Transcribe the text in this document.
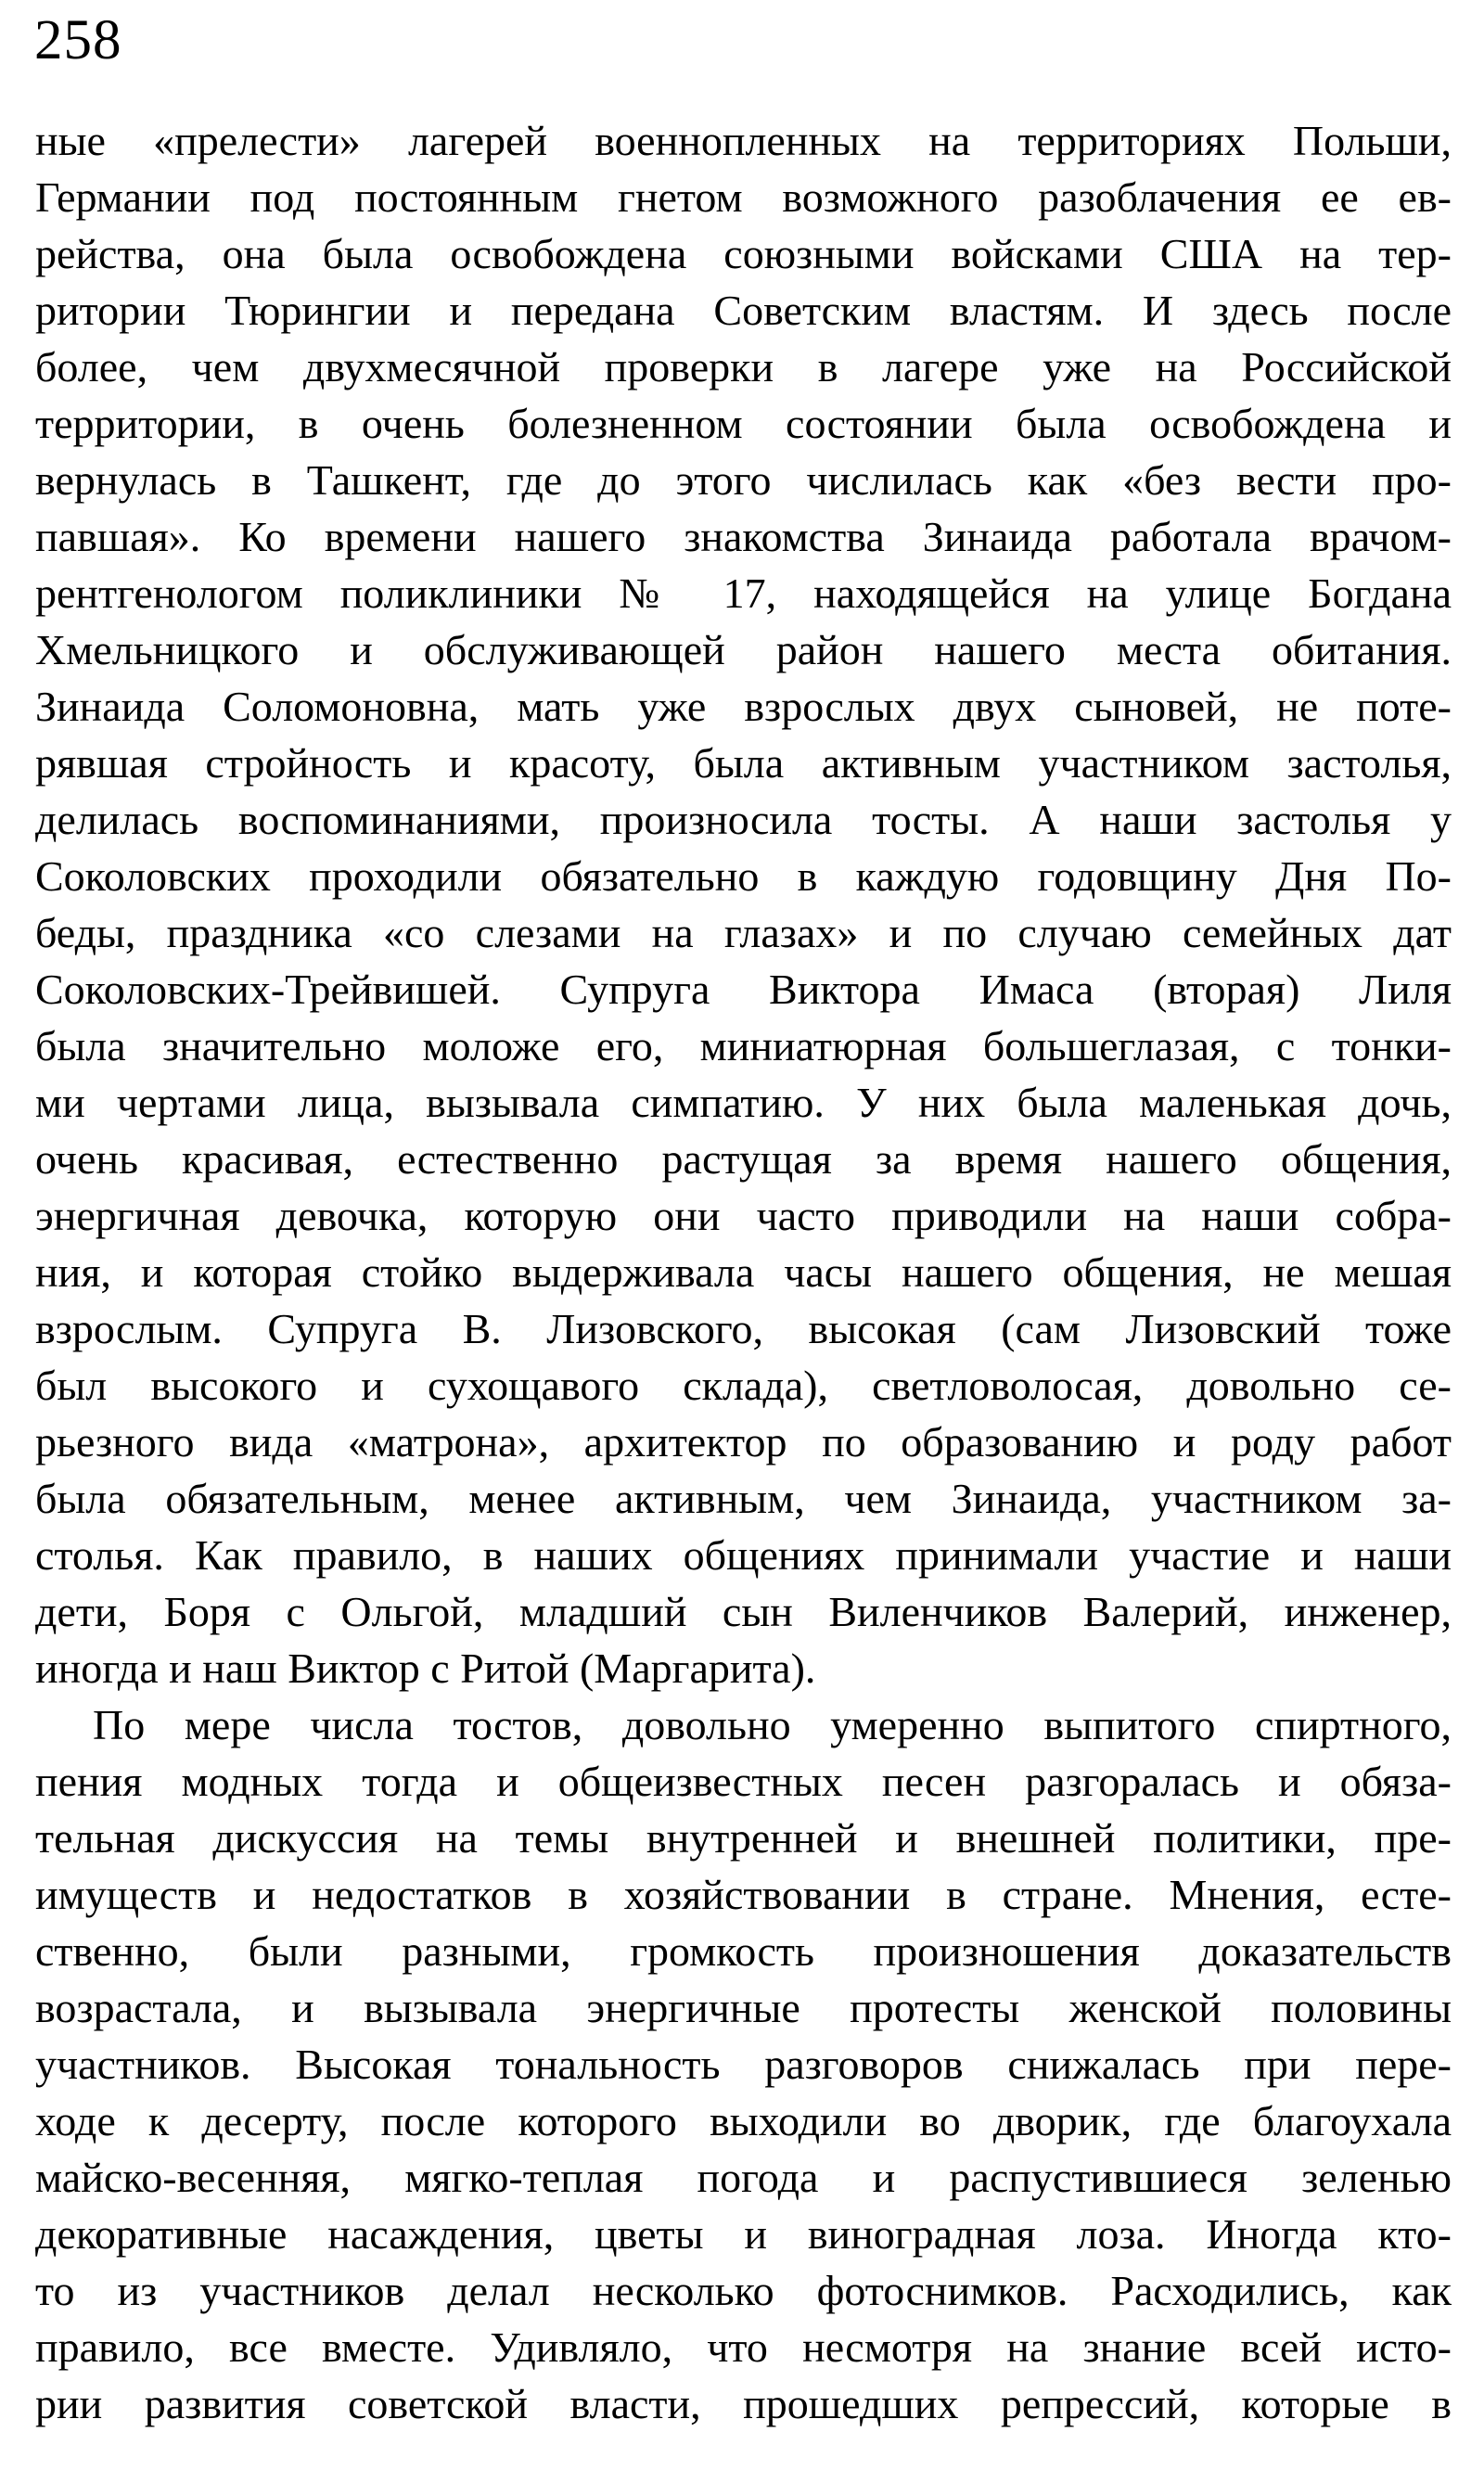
258
ные «прелести» лагерей военнопленных на территориях Польши,
Германии под постоянным гнетом возможного разоблачения ее ев-
рейства, она была освобождена союзными войсками США на тер-
ритории Тюрингии и передана Советским властям. И здесь после
более, чем двухмесячной проверки в лагере уже на Российской
территории, в очень болезненном состоянии была освобождена и
вернулась в Ташкент, где до этого числилась как «без вести про-
павшая». Ко времени нашего знакомства Зинаида работала врачом-
рентгенологом поликлиники № 17, находящейся на улице Богдана
Хмельницкого и обслуживающей район нашего места обитания.
Зинаида Соломоновна, мать уже взрослых двух сыновей, не поте-
рявшая стройность и красоту, была активным участником застолья,
делилась воспоминаниями, произносила тосты. А наши застолья у
Соколовских проходили обязательно в каждую годовщину Дня По-
беды, праздника «со слезами на глазах» и по случаю семейных дат
Соколовских-Трейвишей. Супруга Виктора Имаса (вторая) Лиля
была значительно моложе его, миниатюрная большеглазая, с тонки-
ми чертами лица, вызывала симпатию. У них была маленькая дочь,
очень красивая, естественно растущая за время нашего общения,
энергичная девочка, которую они часто приводили на наши собра-
ния, и которая стойко выдерживала часы нашего общения, не мешая
взрослым. Супруга В. Лизовского, высокая (сам Лизовский тоже
был высокого и сухощавого склада), светловолосая, довольно се-
рьезного вида «матрона», архитектор по образованию и роду работ
была обязательным, менее активным, чем Зинаида, участником за-
столья. Как правило, в наших общениях принимали участие и наши
дети, Боря с Ольгой, младший сын Виленчиков Валерий, инженер,
иногда и наш Виктор с Ритой (Маргарита).
По мере числа тостов, довольно умеренно выпитого спиртного,
пения модных тогда и общеизвестных песен разгоралась и обяза-
тельная дискуссия на темы внутренней и внешней политики, пре-
имуществ и недостатков в хозяйствовании в стране. Мнения, есте-
ственно, были разными, громкость произношения доказательств
возрастала, и вызывала энергичные протесты женской половины
участников. Высокая тональность разговоров снижалась при пере-
ходе к десерту, после которого выходили во дворик, где благоухала
майско-весенняя, мягко-теплая погода и распустившиеся зеленью
декоративные насаждения, цветы и виноградная лоза. Иногда кто-
то из участников делал несколько фотоснимков. Расходились, как
правило, все вместе. Удивляло, что несмотря на знание всей исто-
рии развития советской власти, прошедших репрессий, которые в
